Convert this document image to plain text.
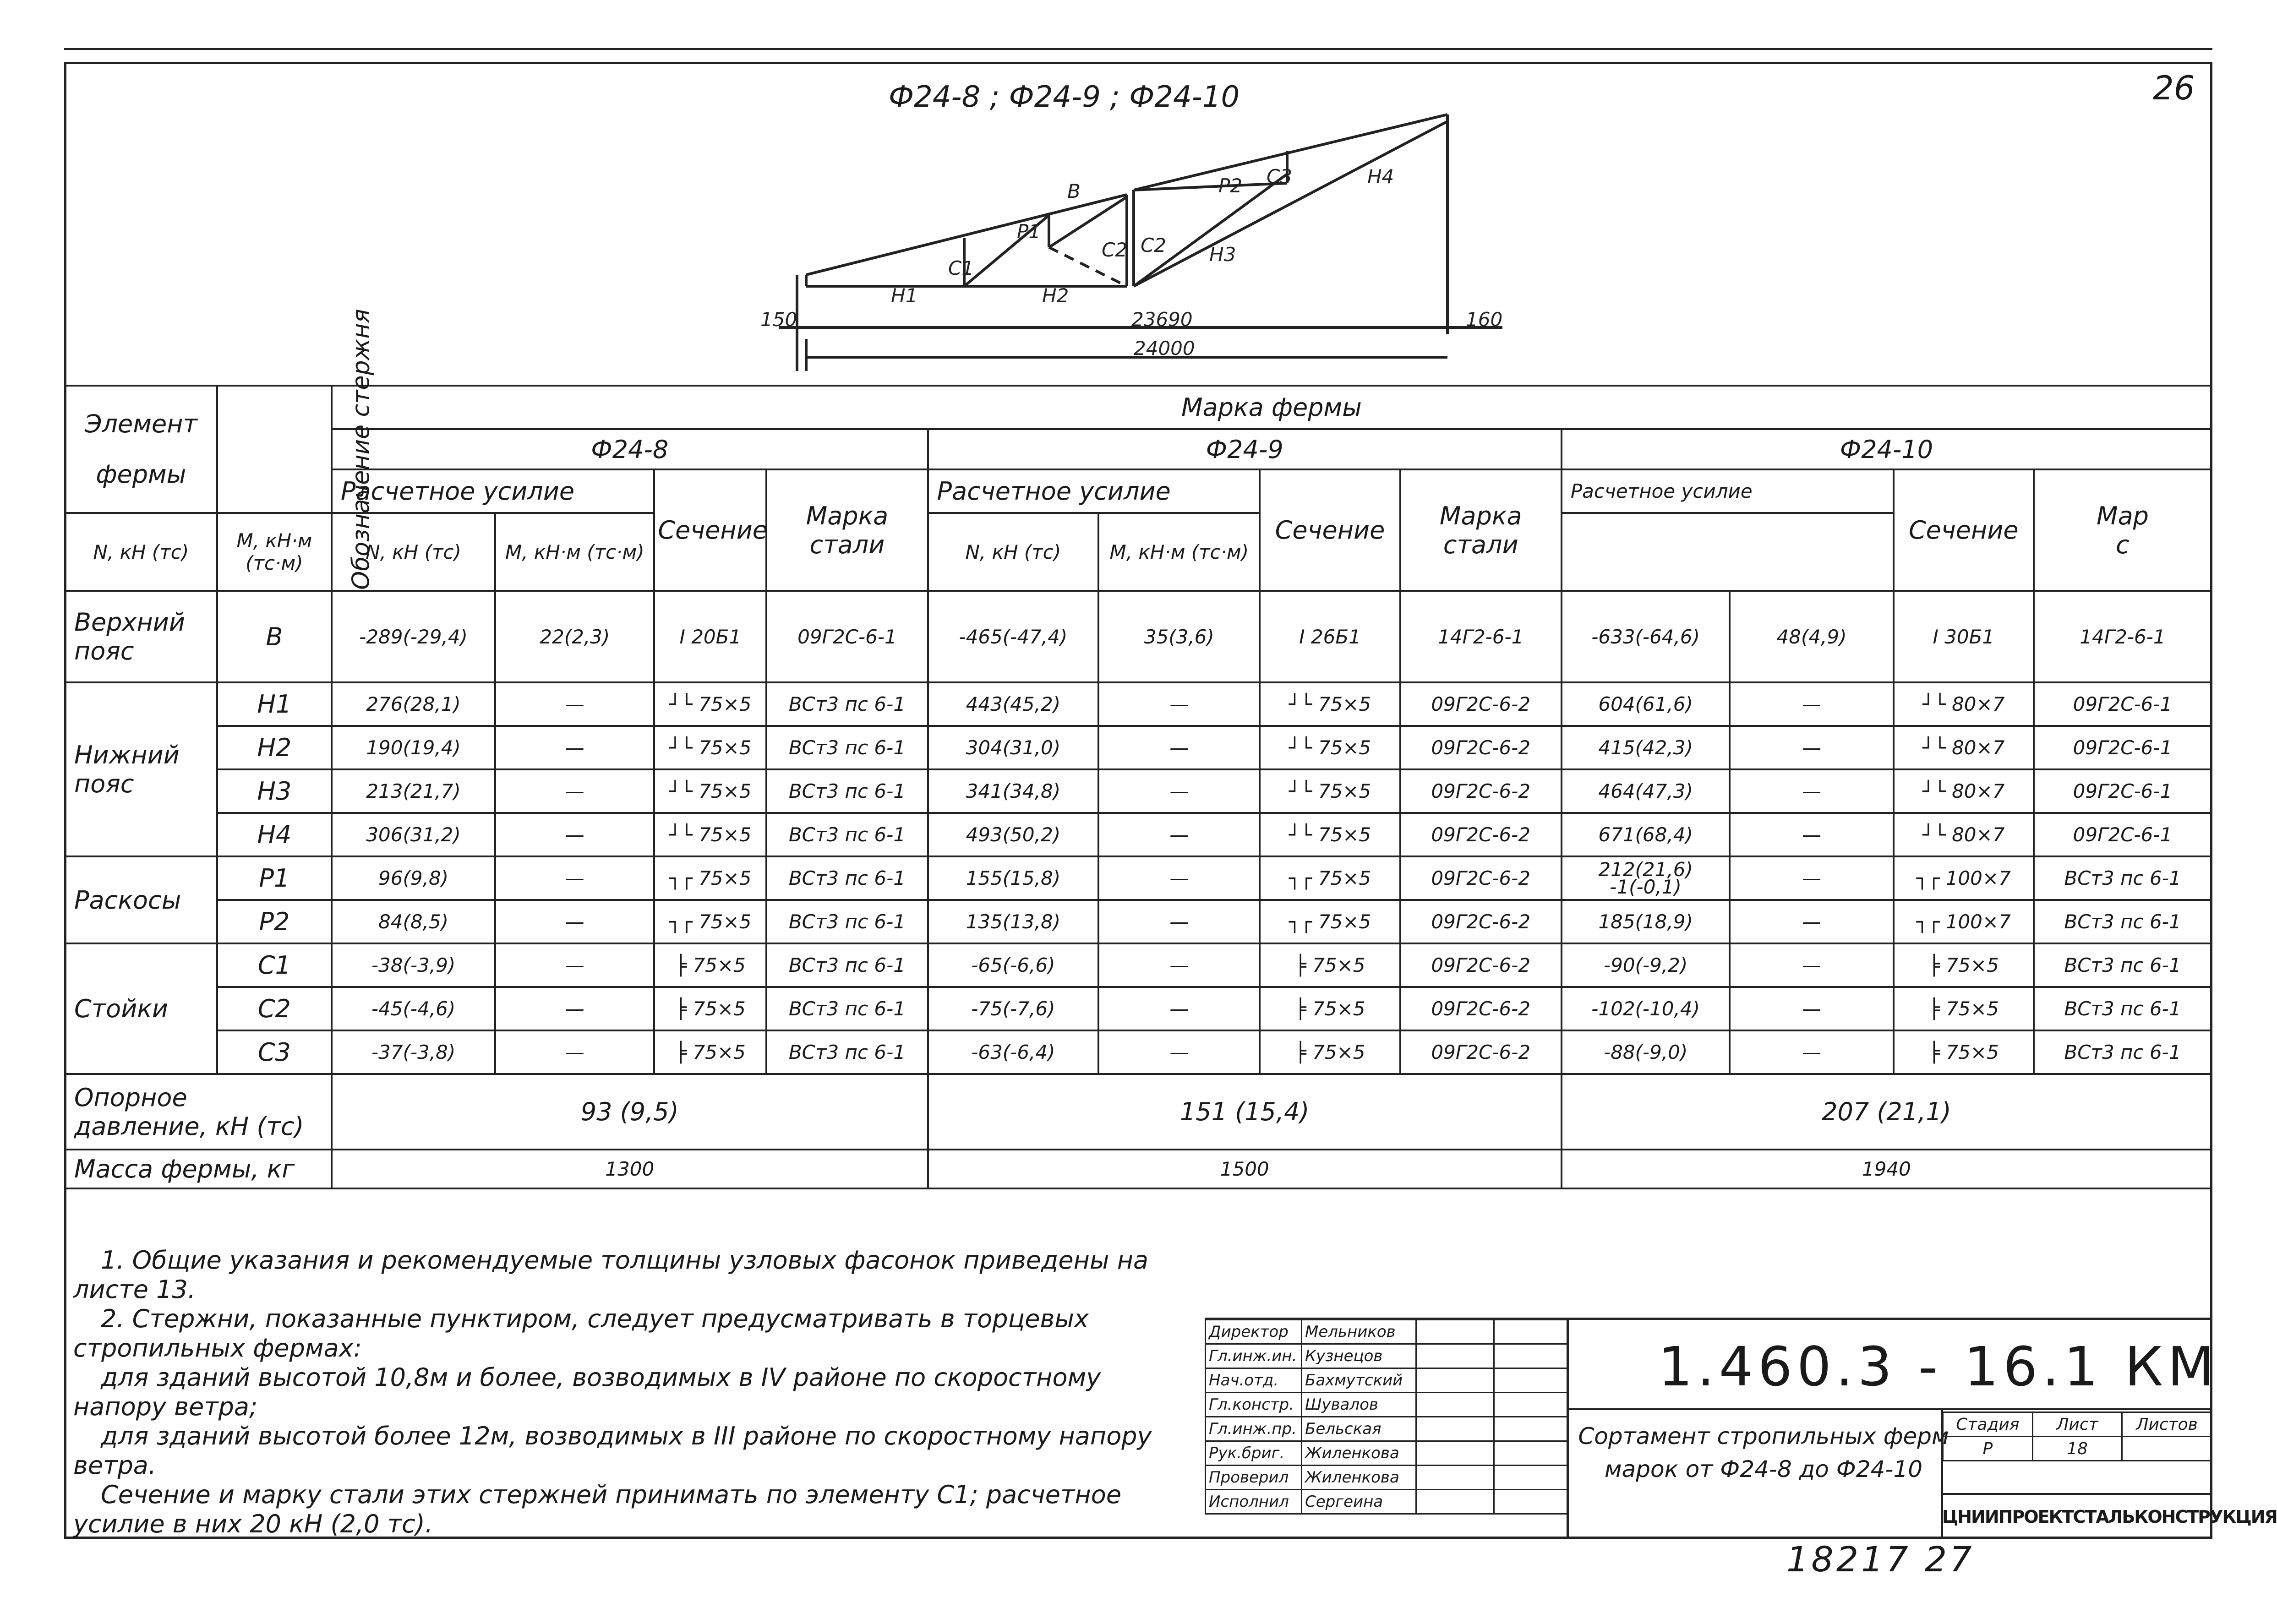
26
Ф24-8 ; Ф24-9 ; Ф24-10
В
Р1
Р2
С1
С2 С2
С3
Н1	Н2
Н3
Н4
150	160
23690
24000
Элемент фермы	Обозначение стержня	Марка фермы											
		Ф24-8				Ф24-9				Ф24-10			
		Расчетное усилие		Сечение	Марка стали	Расчетное усилие		Сечение	Марка стали	Расчетное усилие		Сечение	Мар
с
N, кН (тс)	M, кН·м (тс·м)	N, кН (тс)	M, кН·м (тс·м)			N, кН (тс)	M, кН·м (тс·м)						
Верхний пояс	В	-289(-29,4)	22(2,3)	I 20Б1	09Г2С-6-1	-465(-47,4)	35(3,6)	I 26Б1	14Г2-6-1	-633(-64,6)	48(4,9)	I 30Б1	14Г2-6-1
Нижний пояс	Н1	276(28,1)	—	┘└ 75×5	ВСт3 пс 6-1	443(45,2)	—	┘└ 75×5	09Г2С-6-2	604(61,6)	—	┘└ 80×7	09Г2С-6-1
	Н2	190(19,4)	—	┘└ 75×5	ВСт3 пс 6-1	304(31,0)	—	┘└ 75×5	09Г2С-6-2	415(42,3)	—	┘└ 80×7	09Г2С-6-1
	Н3	213(21,7)	—	┘└ 75×5	ВСт3 пс 6-1	341(34,8)	—	┘└ 75×5	09Г2С-6-2	464(47,3)	—	┘└ 80×7	09Г2С-6-1
	Н4	306(31,2)	—	┘└ 75×5	ВСт3 пс 6-1	493(50,2)	—	┘└ 75×5	09Г2С-6-2	671(68,4)	—	┘└ 80×7	09Г2С-6-1
Раскосы	Р1	96(9,8)	—	┐┌ 75×5	ВСт3 пс 6-1	155(15,8)	—	┐┌ 75×5	09Г2С-6-2	212(21,6) -1(-0,1)	—	┐┌ 100×7	ВСт3 пс 6-1
	Р2	84(8,5)	—	┐┌ 75×5	ВСт3 пс 6-1	135(13,8)	—	┐┌ 75×5	09Г2С-6-2	185(18,9)	—	┐┌ 100×7	ВСт3 пс 6-1
Стойки	С1	-38(-3,9)	—	╞ 75×5	ВСт3 пс 6-1	-65(-6,6)	—	╞ 75×5	09Г2С-6-2	-90(-9,2)	—	╞ 75×5	ВСт3 пс 6-1
	С2	-45(-4,6)	—	╞ 75×5	ВСт3 пс 6-1	-75(-7,6)	—	╞ 75×5	09Г2С-6-2	-102(-10,4)	—	╞ 75×5	ВСт3 пс 6-1
	С3	-37(-3,8)	—	╞ 75×5	ВСт3 пс 6-1	-63(-6,4)	—	╞ 75×5	09Г2С-6-2	-88(-9,0)	—	╞ 75×5	ВСт3 пс 6-1
Опорное давление, кН (тс)		93 (9,5)				151 (15,4)				207 (21,1)			
Масса фермы, кг		1300				1500				1940			

1. Общие указания и рекомендуемые толщины узловых фасонок приведены на листе 13.

2. Стержни, показанные пунктиром, следует предусматривать в торцевых стропильных фермах:

для зданий высотой 10,8м и более, возводимых в IV районе по скоростному напору ветра;

для зданий высотой более 12м, возводимых в III районе по скоростному напору ветра.

Сечение и марку стали этих стержней принимать по элементу С1; расчетное усилие в них 20 кН (2,0 тс).

Директор	Мельников		
Гл.инж.ин.	Кузнецов		
Нач.отд.	Бахмутский		
Гл.констр.	Шувалов		
Гл.инж.пр.	Бельская		
Рук.бриг.	Жиленкова		
Проверил	Жиленкова		
Исполнил	Сергеина		
1.460.3 - 16.1 КМ
Сортамент стропильных ферм марок от Ф24-8 до Ф24-10
Стадия	Лист	Листов
Р	18	
ЦНИИПРОЕКТСТАЛЬКОНСТРУКЦИЯ
18217 27
